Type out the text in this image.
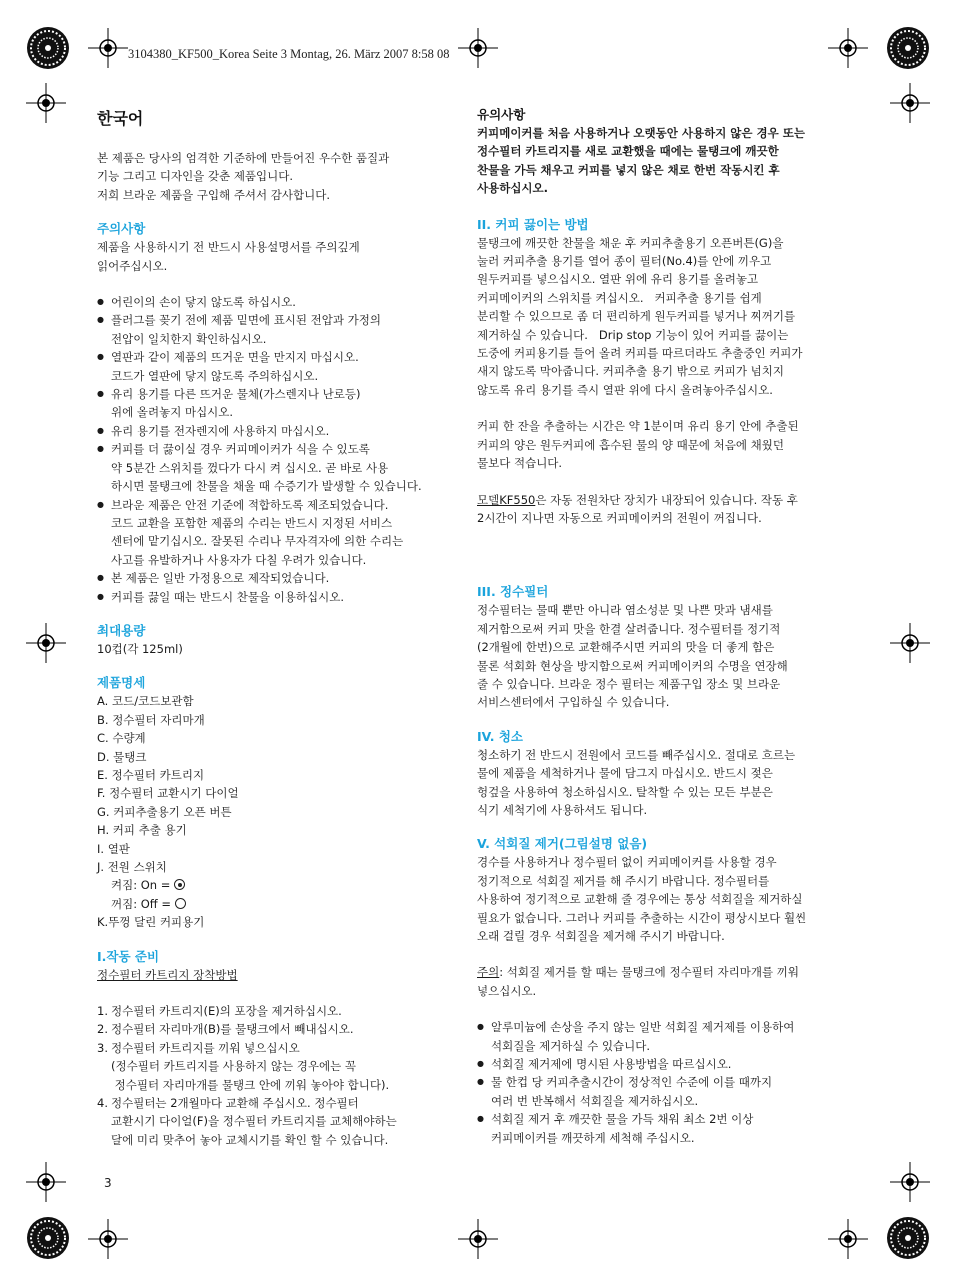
3104380_KF500_Korea Seite 3 Montag, 26. März 2007 8:58 08
한국어

본 제품은 당사의 엄격한 기준하에 만들어진 우수한 품질과

기능 그리고 디자인을 갖춘 제품입니다.

저희 브라운 제품을 구입해 주셔서 감사합니다.

주의사항

제품을 사용하시기 전 반드시 사용설명서를 주의깊게

읽어주십시오.

● 어린이의 손이 닿지 않도록 하십시오.
● 플러그를 꽂기 전에 제품 밑면에 표시된 전압과 가정의
전압이 일치한지 확인하십시오.
● 열판과 같이 제품의 뜨거운 면을 만지지 마십시오.
코드가 열판에 닿지 않도록 주의하십시오.
● 유리 용기를 다른 뜨거운 물체(가스렌지나 난로등)
위에 올려놓지 마십시오.
● 유리 용기를 전자렌지에 사용하지 마십시오.
● 커피를 더 끓이실 경우 커피메이커가 식을 수 있도록
약 5분간 스위치를 껐다가 다시 켜 십시오. 곧 바로 사용
하시면 물탱크에 찬물을 채울 때 수증기가 발생할 수 있습니다.
● 브라운 제품은 안전 기준에 적합하도록 제조되었습니다.
코드 교환을 포함한 제품의 수리는 반드시 지정된 서비스
센터에 맡기십시오. 잘못된 수리나 무자격자에 의한 수리는
사고를 유발하거나 사용자가 다칠 우려가 있습니다.
● 본 제품은 일반 가정용으로 제작되었습니다.
● 커피를 끓일 때는 반드시 찬물을 이용하십시오.
최대용량

10컵(각 125ml)

제품명세

A. 코드/코드보관함

B. 정수필터 자리마개

C. 수량계

D. 물탱크

E. 정수필터 카트리지

F. 정수필터 교환시기 다이얼

G. 커피추출용기 오픈 버튼

H. 커피 추출 용기

I. 열판

J. 전원 스위치

켜짐: On =

꺼짐: Off =

K.뚜껑 달린 커피용기

I.작동 준비

정수필터 카트리지 장착방법

1. 정수필터 카트리지(E)의 포장을 제거하십시오.
2. 정수필터 자리마개(B)를 물탱크에서 빼내십시오.
3. 정수필터 카트리지를 끼워 넣으십시오
(정수필터 카트리지를 사용하지 않는 경우에는 꼭
정수필터 자리마개를 물탱크 안에 끼워 놓아야 합니다).
4. 정수필터는 2개월마다 교환해 주십시오. 정수필터
교환시기 다이얼(F)을 정수필터 카트리지를 교체해야하는
달에 미리 맞추어 놓아 교체시기를 확인 할 수 있습니다.
유의사항

커피메이커를 처음 사용하거나 오랫동안 사용하지 않은 경우 또는

정수필터 카트리지를 새로 교환했을 때에는 물탱크에 깨끗한

찬물을 가득 채우고 커피를 넣지 않은 채로 한번 작동시킨 후

사용하십시오.

II. 커피 끓이는 방법

물탱크에 깨끗한 찬물을 채운 후 커피추출용기 오픈버튼(G)을

눌러 커피추출 용기를 열어 종이 필터(No.4)를 안에 끼우고

원두커피를 넣으십시오. 열판 위에 유리 용기를 올려놓고

커피메이커의 스위치를 켜십시오.   커피추출 용기를 쉽게

분리할 수 있으므로 좀 더 편리하게 원두커피를 넣거나 찌꺼기를

제거하실 수 있습니다.   Drip stop 기능이 있어 커피를 끓이는

도중에 커피용기를 들어 올려 커피를 따르더라도 추출중인 커피가

새지 않도록 막아줍니다. 커피추출 용기 밖으로 커피가 넘치지

않도록 유리 용기를 즉시 열판 위에 다시 올려놓아주십시오.

커피 한 잔을 추출하는 시간은 약 1분이며 유리 용기 안에 추출된

커피의 양은 원두커피에 흡수된 물의 양 때문에 처음에 채웠던

물보다 적습니다.

모델KF550은 자동 전원차단 장치가 내장되어 있습니다. 작동 후

2시간이 지나면 자동으로 커피메이커의 전원이 꺼집니다.

III. 정수필터

정수필터는 물때 뿐만 아니라 염소성분 및 나쁜 맛과 냄새를

제거함으로써 커피 맛을 한결 살려줍니다. 정수필터를 정기적

(2개월에 한번)으로 교환해주시면 커피의 맛을 더 좋게 함은

물론 석회화 현상을 방지함으로써 커피메이커의 수명을 연장해

줄 수 있습니다. 브라운 정수 필터는 제품구입 장소 및 브라운

서비스센터에서 구입하실 수 있습니다.

IV. 청소

청소하기 전 반드시 전원에서 코드를 빼주십시오. 절대로 흐르는

물에 제품을 세척하거나 물에 담그지 마십시오. 반드시 젖은

헝겊을 사용하여 청소하십시오. 탈착할 수 있는 모든 부분은

식기 세척기에 사용하셔도 됩니다.

V. 석회질 제거(그림설명 없음)

경수를 사용하거나 정수필터 없이 커피메이커를 사용할 경우

정기적으로 석회질 제거를 해 주시기 바랍니다. 정수필터를

사용하여 정기적으로 교환해 줄 경우에는 통상 석회질을 제거하실

필요가 없습니다. 그러나 커피를 추출하는 시간이 평상시보다 훨씬

오래 걸릴 경우 석회질을 제거해 주시기 바랍니다.

주의: 석회질 제거를 할 때는 물탱크에 정수필터 자리마개를 끼워

넣으십시오.

● 알루미늄에 손상을 주지 않는 일반 석회질 제거제를 이용하여
석회질을 제거하실 수 있습니다.
● 석회질 제거제에 명시된 사용방법을 따르십시오.
● 물 한컵 당 커피추출시간이 정상적인 수준에 이를 때까지
여러 번 반복해서 석회질을 제거하십시오.
● 석회질 제거 후 깨끗한 물을 가득 채워 최소 2번 이상
커피메이커를 깨끗하게 세척해 주십시오.
3
